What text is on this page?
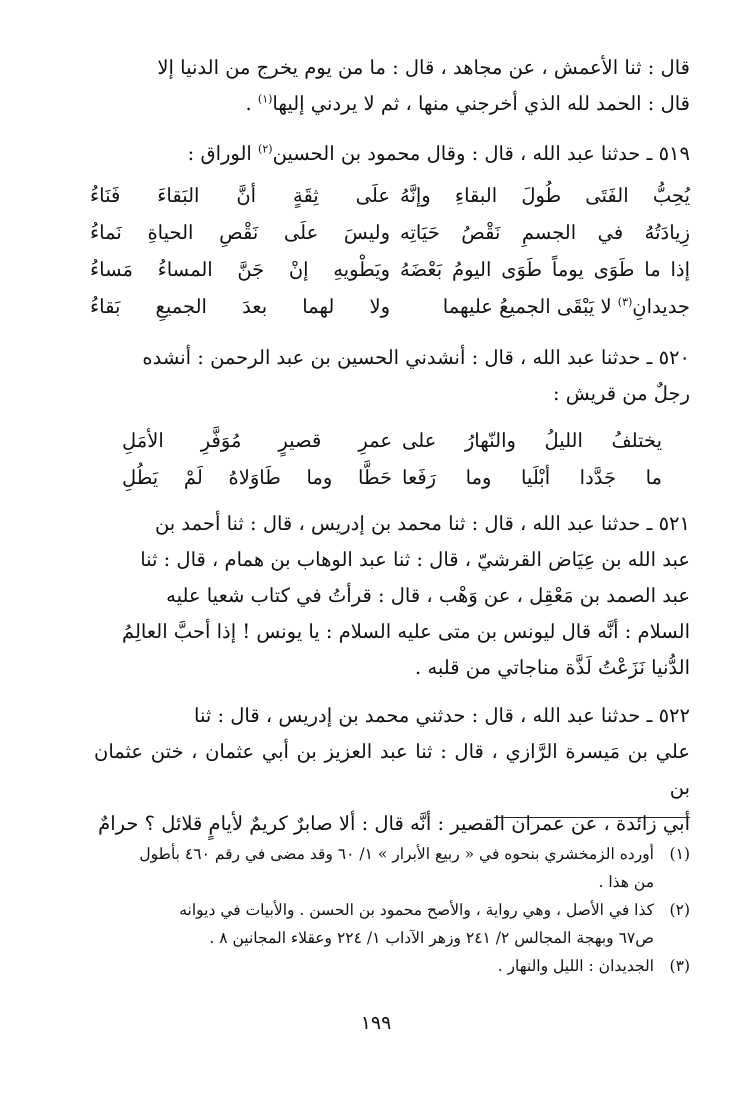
قال : ثنا الأعمش ، عن مجاهد ، قال : ما من يوم يخرج من الدنيا إلا
قال : الحمد لله الذي أخرجني منها ، ثم لا يردني إليها$^{(١)}$ .
٥١٩ ـ حدثنا عبد الله ، قال : وقال محمود بن الحسين$^{(٢)}$ الوراق :
يُحِبُّ الفَتَى طُولَ البقاءِ وإنَّهُ
علَى ثِقَةٍ أنَّ البَقاءَ فَنَاءُ
زِيادَتُهُ في الجسمِ نَقْصُ حَيَاتِه
وليسَ علَى نَقْصِ الحياةِ نَماءُ
إذا ما طَوَى يوماً طَوَى اليومُ بَعْضَهُ
ويَطْويهِ إنْ جَنَّ المساءُ مَساءُ
جديدانِ$^{(٣)}$ لا يَبْقَى الجميعُ عليهما
ولا لهما بعدَ الجميعِ بَقاءُ
٥٢٠ ـ حدثنا عبد الله ، قال : أنشدني الحسين بن عبد الرحمن : أنشده
رجلٌ من قريش :
يختلفُ الليلُ والنّهارُ على
عمرِ قصيرٍ مُوَفَّرِ الأمَلِ
ما جَدَّدا أبْلَيا وما رَفَعا
حَطَّا وما طَاوَلاهُ لَمْ يَطُلِ
٥٢١ ـ حدثنا عبد الله ، قال : ثنا محمد بن إدريس ، قال : ثنا أحمد بن
عبد الله بن عِيَاض القرشيّ ، قال : ثنا عبد الوهاب بن همام ، قال : ثنا
عبد الصمد بن مَعْقِل ، عن وَهْب ، قال : قرأتُ في كتاب شعيا عليه
السلام : أنَّه قال ليونس بن متى عليه السلام : يا يونس ! إذا أحبَّ العالِمُ
الدُّنيا نَزَعْتُ لَذَّة مناجاتي من قلبه .
٥٢٢ ـ حدثنا عبد الله ، قال : حدثني محمد بن إدريس ، قال : ثنا
علي بن مَيسرة الرَّازي ، قال : ثنا عبد العزيز بن أبي عثمان ، ختن عثمان بن
أبي زائدة ، عن عمران القصير : أنَّه قال : ألا صابرٌ كريمٌ لأيامٍ قلائل ؟ حرامٌ
(١)
أورده الزمخشري بنحوه في « ربيع الأبرار » ١/ ٦٠ وقد مضى في رقم ٤٦٠ بأطول
من هذا .
(٢)
كذا في الأصل ، وهي رواية ، والأصح محمود بن الحسن . والأبيات في ديوانه
ص٦٧ وبهجة المجالس ٢/ ٢٤١ وزهر الآداب ١/ ٢٢٤ وعقلاء المجانين ٨ .
(٣)
الجديدان : الليل والنهار .
١٩٩
